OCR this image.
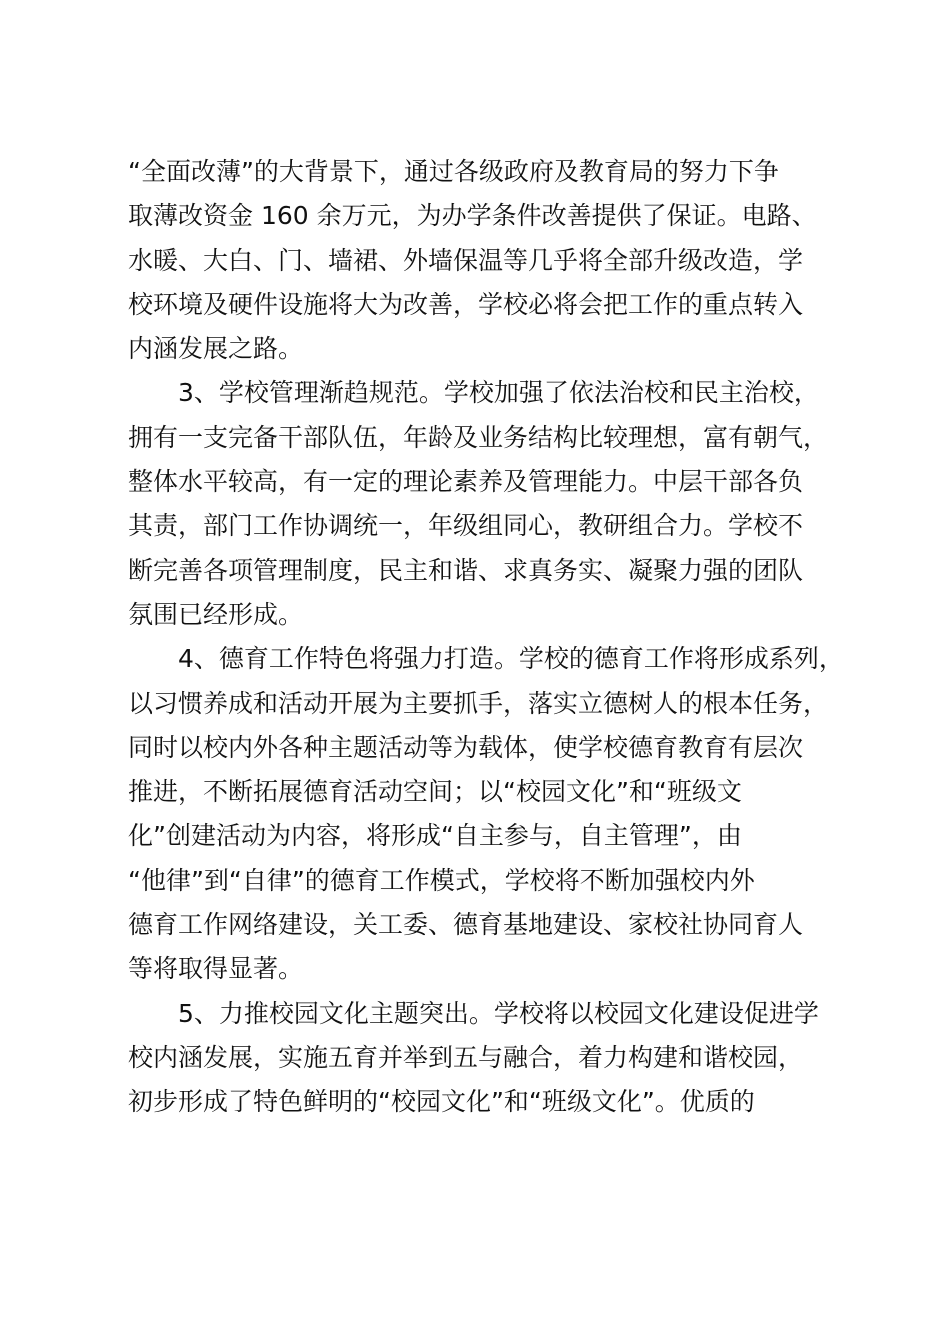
“全面改薄”的大背景下，通过各级政府及教育局的努力下争
取薄改资金 160 余万元，为办学条件改善提供了保证。电路、
水暖、大白、门、墙裙、外墙保温等几乎将全部升级改造，学
校环境及硬件设施将大为改善，学校必将会把工作的重点转入
内涵发展之路。
3、学校管理渐趋规范。学校加强了依法治校和民主治校，
拥有一支完备干部队伍，年龄及业务结构比较理想，富有朝气，
整体水平较高，有一定的理论素养及管理能力。中层干部各负
其责，部门工作协调统一，年级组同心，教研组合力。学校不
断完善各项管理制度，民主和谐、求真务实、凝聚力强的团队
氛围已经形成。
4、德育工作特色将强力打造。学校的德育工作将形成系列，
以习惯养成和活动开展为主要抓手，落实立德树人的根本任务，
同时以校内外各种主题活动等为载体，使学校德育教育有层次
推进，不断拓展德育活动空间；以“校园文化”和“班级文
化”创建活动为内容，将形成“自主参与，自主管理”，由
“他律”到“自律”的德育工作模式，学校将不断加强校内外
德育工作网络建设，关工委、德育基地建设、家校社协同育人
等将取得显著。
5、力推校园文化主题突出。学校将以校园文化建设促进学
校内涵发展，实施五育并举到五与融合，着力构建和谐校园，
初步形成了特色鲜明的“校园文化”和“班级文化”。优质的
